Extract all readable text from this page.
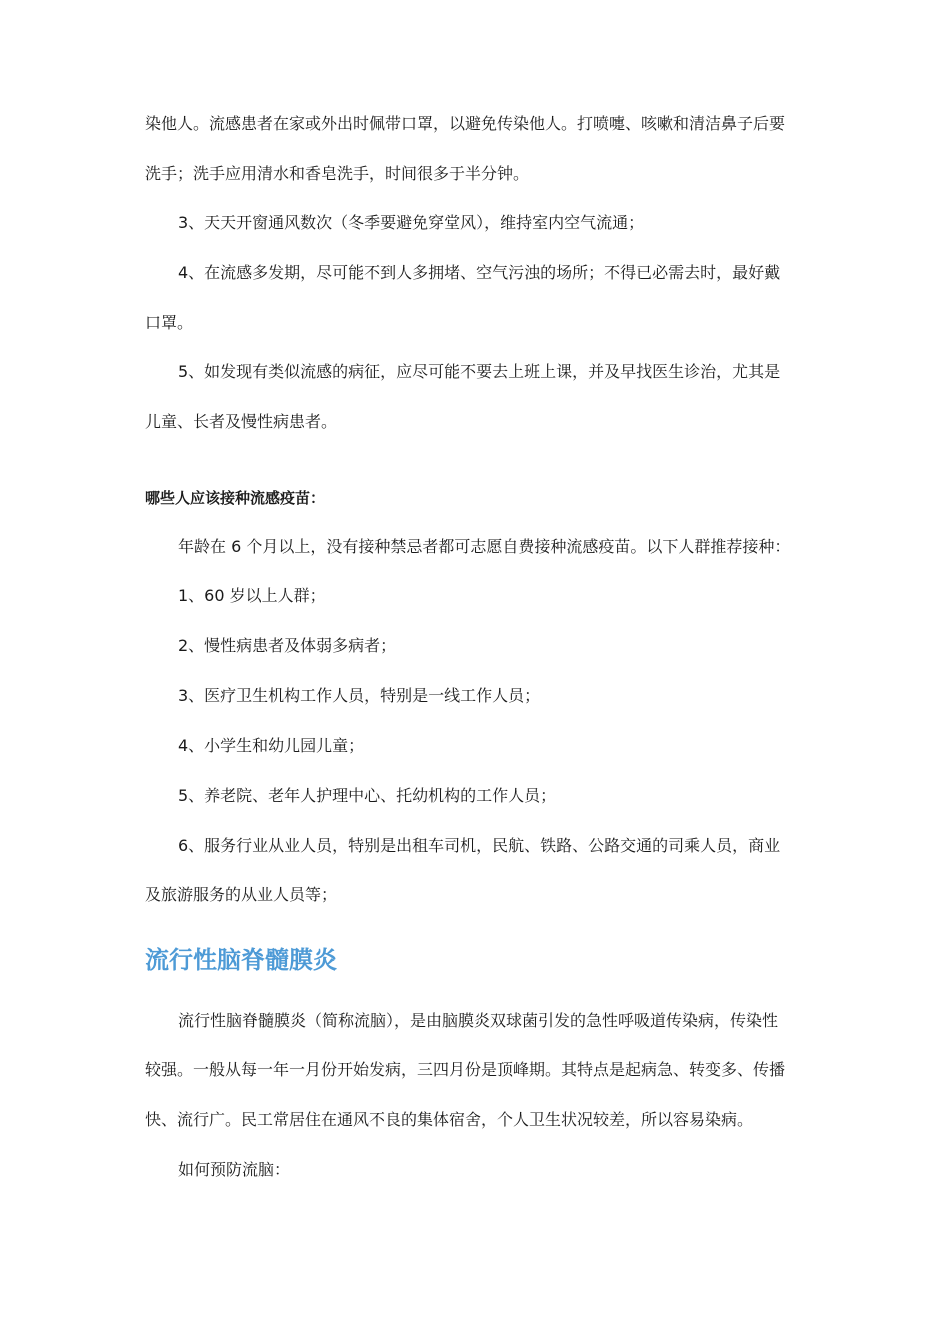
染他人。流感患者在家或外出时佩带口罩，以避免传染他人。打喷嚏、咳嗽和清洁鼻子后要
洗手；洗手应用清水和香皂洗手，时间很多于半分钟。
3、天天开窗通风数次（冬季要避免穿堂风），维持室内空气流通；
4、在流感多发期，尽可能不到人多拥堵、空气污浊的场所；不得已必需去时，最好戴
口罩。
5、如发现有类似流感的病征，应尽可能不要去上班上课，并及早找医生诊治，尤其是
儿童、长者及慢性病患者。
哪些人应该接种流感疫苗：
年龄在 6 个月以上，没有接种禁忌者都可志愿自费接种流感疫苗。以下人群推荐接种：
1、60 岁以上人群；
2、慢性病患者及体弱多病者；
3、医疗卫生机构工作人员，特别是一线工作人员；
4、小学生和幼儿园儿童；
5、养老院、老年人护理中心、托幼机构的工作人员；
6、服务行业从业人员，特别是出租车司机，民航、铁路、公路交通的司乘人员，商业
及旅游服务的从业人员等；
流行性脑脊髓膜炎
流行性脑脊髓膜炎（简称流脑），是由脑膜炎双球菌引发的急性呼吸道传染病，传染性
较强。一般从每一年一月份开始发病，三四月份是顶峰期。其特点是起病急、转变多、传播
快、流行广。民工常居住在通风不良的集体宿舍，个人卫生状况较差，所以容易染病。
如何预防流脑：
